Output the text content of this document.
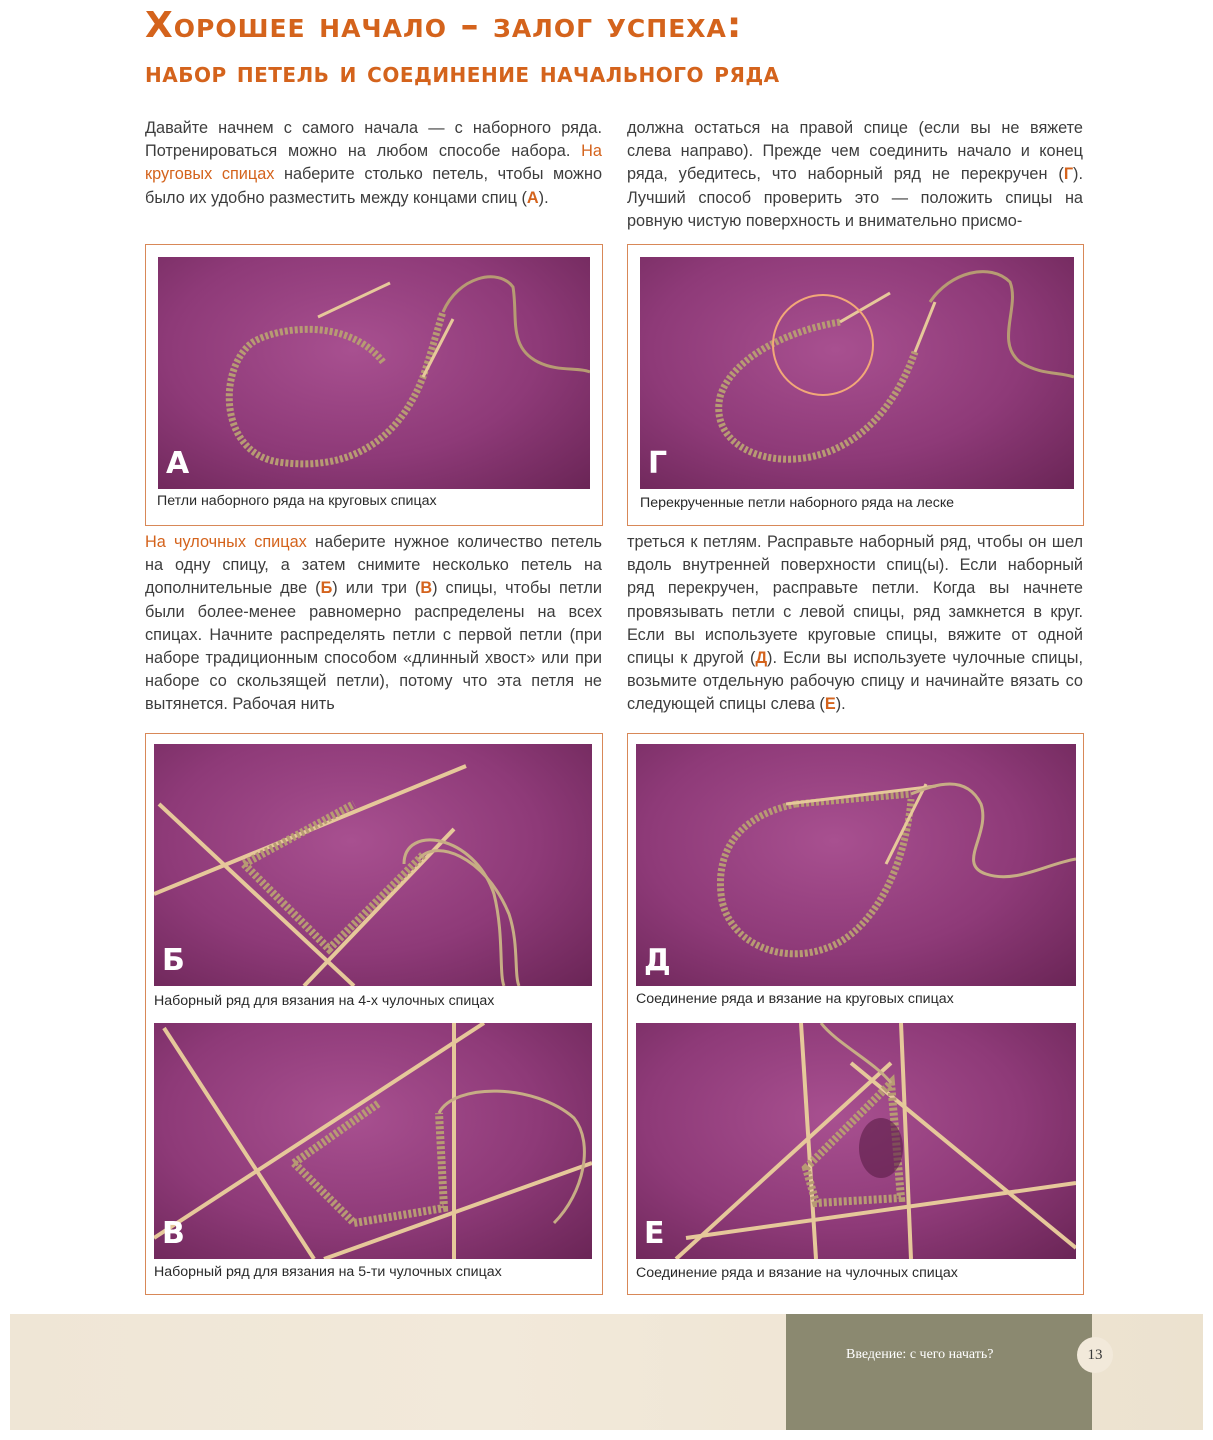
Хорошее начало – залог успеха:
набор петель и соединение начального ряда

Давайте начнем с самого начала — с наборного ряда. Потренироваться можно на любом способе набора. На круговых спицах наберите столько петель, чтобы можно было их удобно разместить между концами спиц (А).

должна остаться на правой спице (если вы не вяжете слева направо). Прежде чем соединить начало и конец ряда, убедитесь, что наборный ряд не перекручен (Г). Лучший способ проверить это — положить спицы на ровную чистую поверхность и внимательно присмо-

А
Петли наборного ряда на круговых спицах
Г
Перекрученные петли наборного ряда на леске

На чулочных спицах наберите нужное количество петель на одну спицу, а затем снимите несколько петель на дополнительные две (Б) или три (В) спицы, чтобы петли были более-менее равномерно распределены на всех спицах. Начните распределять петли с первой петли (при наборе традиционным способом «длинный хвост» или при наборе со скользящей петли), потому что эта петля не вытянется. Рабочая нить

треться к петлям. Расправьте наборный ряд, чтобы он шел вдоль внутренней поверхности спиц(ы). Если наборный ряд перекручен, расправьте петли. Когда вы начнете провязывать петли с левой спицы, ряд замкнется в круг. Если вы используете круговые спицы, вяжите от одной спицы к другой (Д). Если вы используете чулочные спицы, возьмите отдельную рабочую спицу и начинайте вязать со следующей спицы слева (Е).

Б
Наборный ряд для вязания на 4-х чулочных спицах
В
Наборный ряд для вязания на 5-ти чулочных спицах
Д
Соединение ряда и вязание на круговых спицах
Е
Соединение ряда и вязание на чулочных спицах
Введение: с чего начать?	13
